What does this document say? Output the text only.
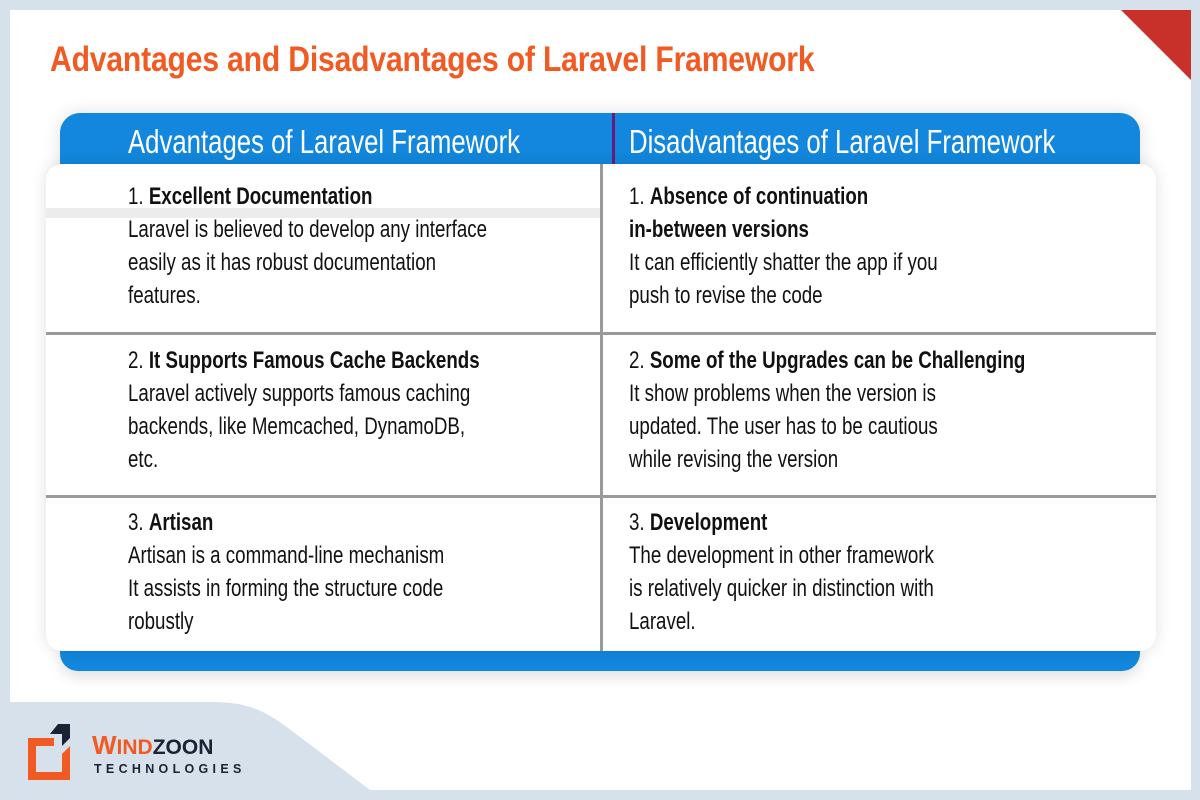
Advantages and Disadvantages of Laravel Framework
Advantages of Laravel Framework	Disadvantages of Laravel Framework
1. Excellent Documentation
Laravel is believed to develop any interface
easily as it has robust documentation
features.
2. It Supports Famous Cache Backends
Laravel actively supports famous caching
backends, like Memcached, DynamoDB,
etc.
3. Artisan
Artisan is a command-line mechanism
It assists in forming the structure code
robustly
1. Absence of continuation
in-between versions
It can efficiently shatter the app if you
push to revise the code
2. Some of the Upgrades can be Challenging
It show problems when the version is
updated. The user has to be cautious
while revising the version
3. Development
The development in other framework
is relatively quicker in distinction with
Laravel.
WINDZOON
TECHNOLOGIES
